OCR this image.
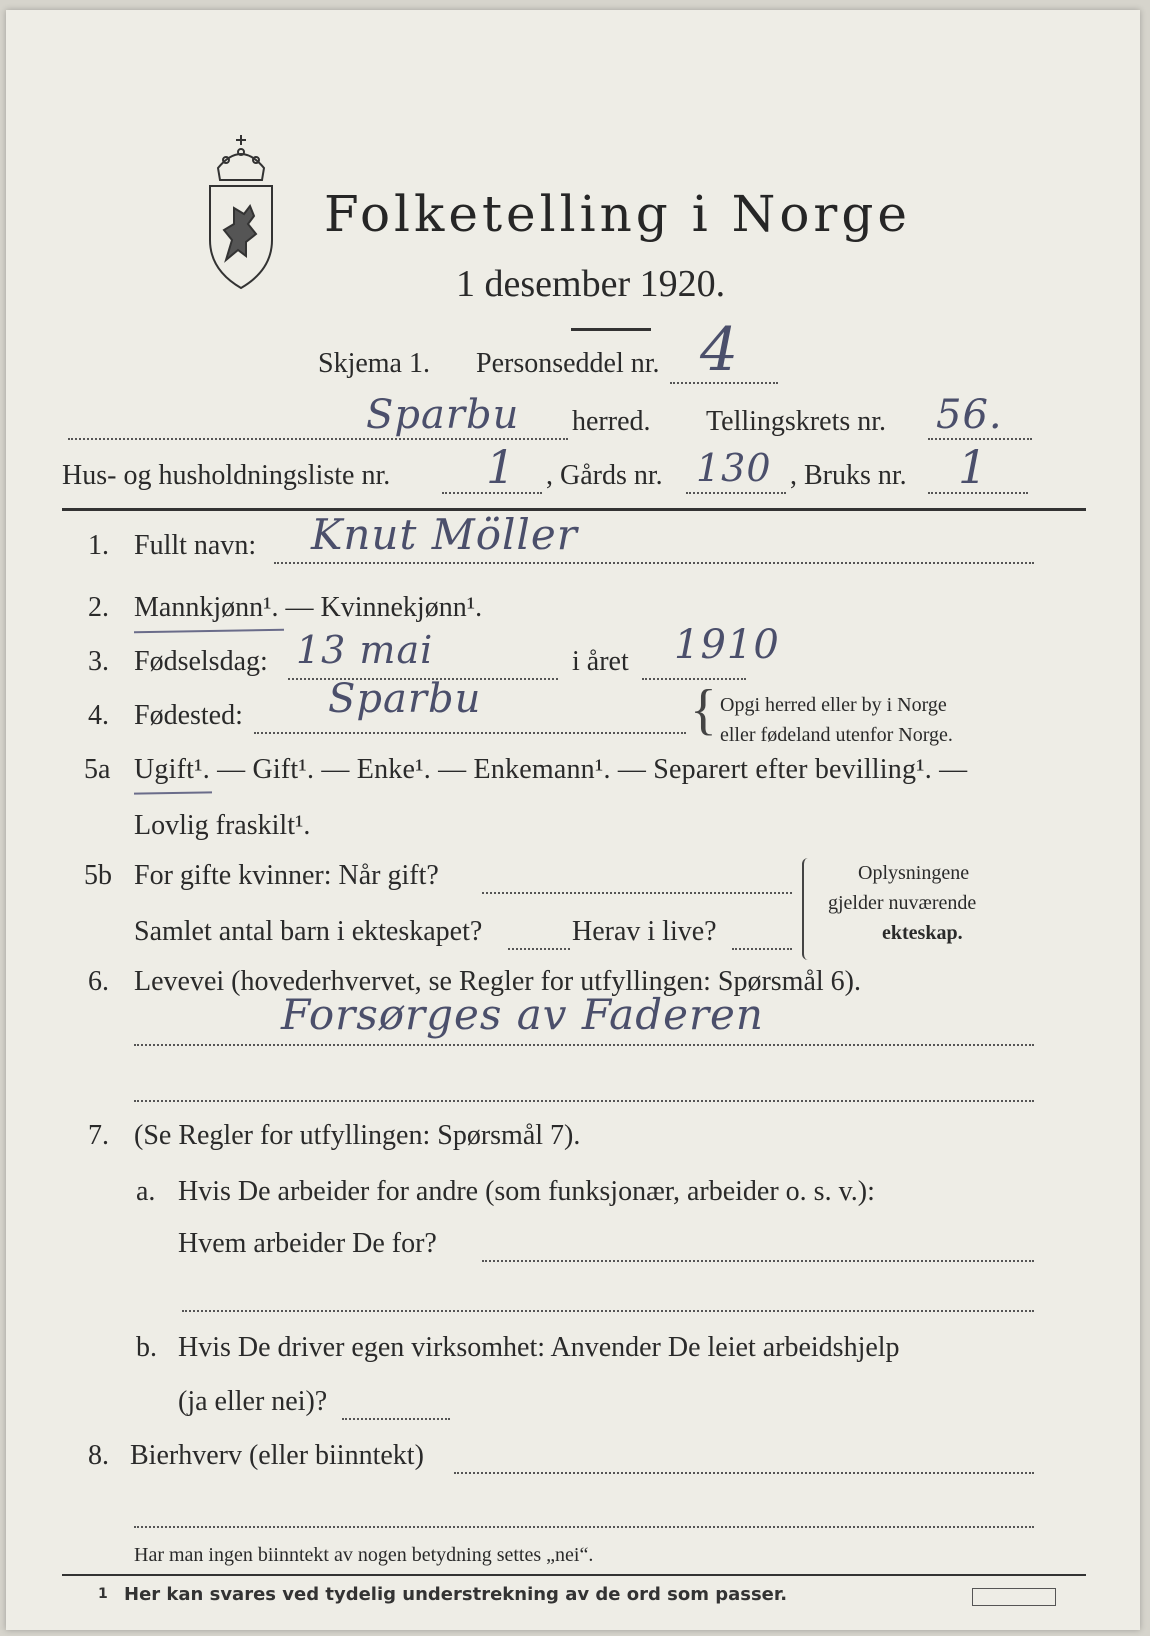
Folketelling i Norge
1 desember 1920.
Skjema 1. Personseddel nr. 4
Sparbu herred. Tellingskrets nr. 56.
Hus- og husholdningsliste nr. 1 , Gårds nr. 130 , Bruks nr. 1
1. Fullt navn: Knut Möller
2. Mannkjønn¹. — Kvinnekjønn¹.
3. Fødselsdag: 13 mai	i året 1910
4. Fødested: Sparbu	{ Opgi herred eller by i Norge
eller fødeland utenfor Norge.
5a Ugift¹. — Gift¹. — Enke¹. — Enkemann¹. — Separert efter bevilling¹. —
Lovlig fraskilt¹.
5b For gifte kvinner: Når gift?
Samlet antal barn i ekteskapet?	Herav i live?
Oplysningene
gjelder nuværende
ekteskap.
6. Levevei (hovederhvervet, se Regler for utfyllingen: Spørsmål 6).
Forsørges av Faderen
7. (Se Regler for utfyllingen: Spørsmål 7).
a. Hvis De arbeider for andre (som funksjonær, arbeider o. s. v.):
Hvem arbeider De for?
b. Hvis De driver egen virksomhet: Anvender De leiet arbeidshjelp
(ja eller nei)?
8. Bierhverv (eller biinntekt)
Har man ingen biinntekt av nogen betydning settes „nei“.
1 Her kan svares ved tydelig understrekning av de ord som passer.
